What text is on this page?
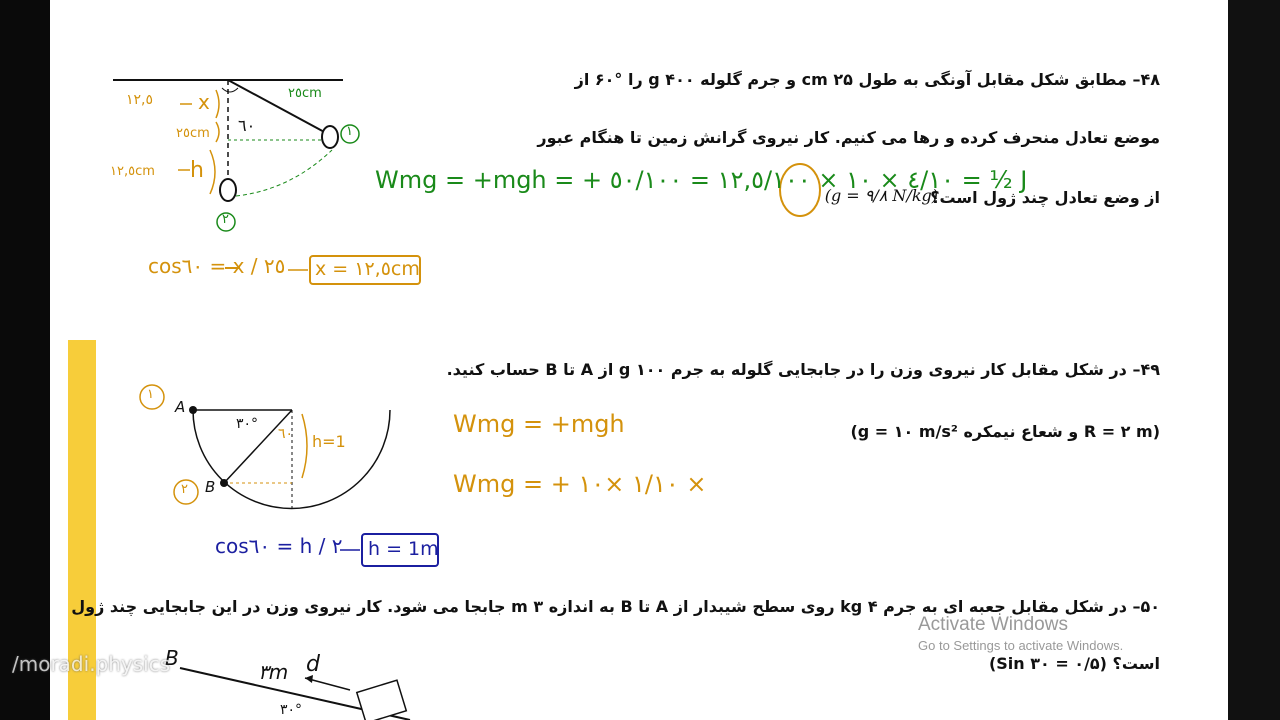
۴۸– مطابق شکل مقابل آونگی به طول ۲۵ cm و جرم گلوله ۴۰۰ g را °۶۰ از
موضع تعادل منحرف کرده و رها می کنیم. کار نیروی گرانش زمین تا هنگام عبور
از وضع تعادل چند ژول است؟
(g = ۹/۸ N/kg)
۴۹– در شکل مقابل کار نیروی وزن را در جابجایی گلوله به جرم ۱۰۰ g از A تا B حساب کنید.
(R = ۲ m و شعاع نیمکره g = ۱۰ m/s²)
۵۰– در شکل مقابل جعبه ای به جرم ۴ kg روی سطح شیبدار از A تا B به اندازه ۳ m جابجا می شود. کار نیروی وزن در این جابجایی چند ژول
است؟ (Sin ۳۰ = ۰/۵)
Wmg = +mgh = + ٤/١٠ × ١٠ × ١٢,٥/١٠٠ = ٥٠/١٠٠ = ½ J
cos٦٠ = x / ٢٥ x = ١٢,٥cm
١٢,٥ x	٢٥cm
٢٥cm ٦٠
١٢,٥cm h
١
٢
Wmg = +mgh
Wmg = + ١/١٠ ×١٠ ×
cos٦٠ = h / ٢ h = 1m
A
B
٣٠°
٦٠ h=1
١
٢
B
٣m d
٣٠°
/moradi.physics
Activate Windows
Go to Settings to activate Windows.
